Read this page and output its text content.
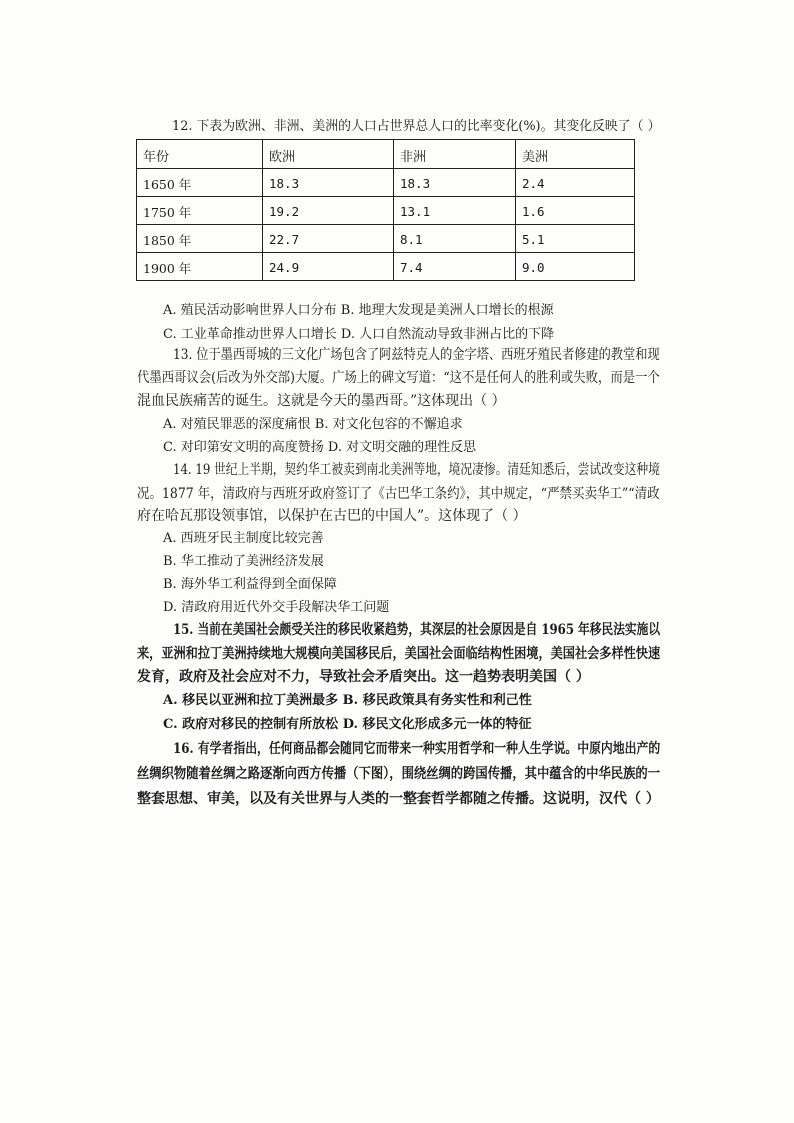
12. 下表为欧洲、非洲、美洲的人口占世界总人口的比率变化(%)。其变化反映了（ ）
年份	欧洲	非洲	美洲
1650 年	18.3	18.3	2.4
1750 年	19.2	13.1	1.6
1850 年	22.7	8.1	5.1
1900 年	24.9	7.4	9.0
A. 殖民活动影响世界人口分布 B. 地理大发现是美洲人口增长的根源
C. 工业革命推动世界人口增长 D. 人口自然流动导致非洲占比的下降
13. 位于墨西哥城的三文化广场包含了阿兹特克人的金字塔、西班牙殖民者修建的教堂和现
代墨西哥议会(后改为外交部)大厦。广场上的碑文写道：“这不是任何人的胜利或失败，而是一个
混血民族痛苦的诞生。这就是今天的墨西哥。”这体现出（ ）
A. 对殖民罪恶的深度痛恨 B. 对文化包容的不懈追求
C. 对印第安文明的高度赞扬 D. 对文明交融的理性反思
14. 19 世纪上半期，契约华工被卖到南北美洲等地，境况凄惨。清廷知悉后，尝试改变这种境
况。1877 年，清政府与西班牙政府签订了《古巴华工条约》，其中规定，“严禁买卖华工”“清政
府在哈瓦那设领事馆，以保护在古巴的中国人”。这体现了（ ）
A. 西班牙民主制度比较完善
B. 华工推动了美洲经济发展
B. 海外华工利益得到全面保障
D. 清政府用近代外交手段解决华工问题
15. 当前在美国社会颇受关注的移民收紧趋势，其深层的社会原因是自 1965 年移民法实施以
来，亚洲和拉丁美洲持续地大规模向美国移民后，美国社会面临结构性困境，美国社会多样性快速
发育，政府及社会应对不力，导致社会矛盾突出。这一趋势表明美国（ ）
A. 移民以亚洲和拉丁美洲最多 B. 移民政策具有务实性和利己性
C. 政府对移民的控制有所放松 D. 移民文化形成多元一体的特征
16. 有学者指出，任何商品都会随同它而带来一种实用哲学和一种人生学说。中原内地出产的
丝绸织物随着丝绸之路逐渐向西方传播（下图），围绕丝绸的跨国传播，其中蕴含的中华民族的一
整套思想、审美，以及有关世界与人类的一整套哲学都随之传播。这说明，汉代（ ）
